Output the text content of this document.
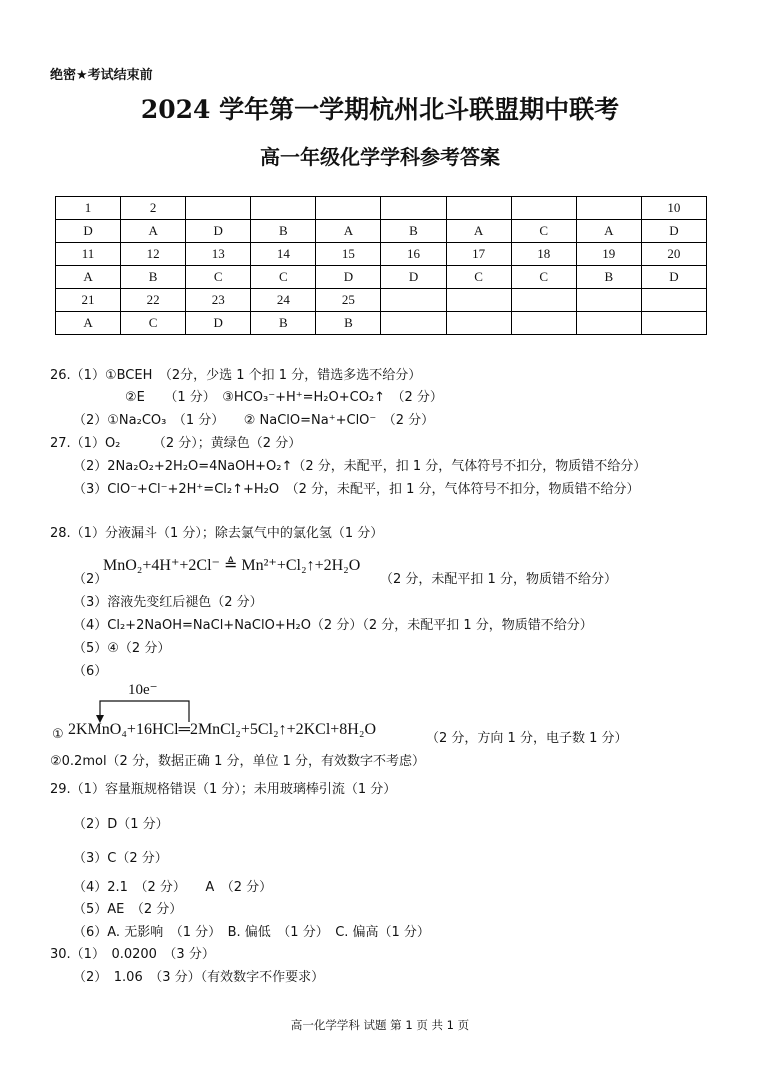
绝密★考试结束前
2024 学年第一学期杭州北斗联盟期中联考
高一年级化学学科参考答案
1	2								10
D	A	D	B	A	B	A	C	A	D
11	12	13	14	15	16	17	18	19	20
A	B	C	C	D	D	C	C	B	D
21	22	23	24	25					
A	C	D	B	B					
26.（1）①BCEH　（2分，少选 1 个扣 1 分，错选多选不给分）
②E　　（1 分）　③HCO₃⁻+H⁺=H₂O+CO₂↑　（2 分）
（2）①Na₂CO₃　（1 分）　　② NaClO=Na⁺+ClO⁻　（2 分）
27.（1）O₂　　　（2 分）；黄绿色（2 分）
（2）2Na₂O₂+2H₂O=4NaOH+O₂↑（2 分，未配平，扣 1 分，气体符号不扣分，物质错不给分）
（3）ClO⁻+Cl⁻+2H⁺=Cl₂↑+H₂O　（2 分，未配平，扣 1 分，气体符号不扣分，物质错不给分）
28.（1）分液漏斗（1 分）；除去氯气中的氯化氢（1 分）
（2）
MnO₂+4H⁺+2Cl⁻ ≜ Mn²⁺+Cl₂↑+2H₂O
（2 分，未配平扣 1 分，物质错不给分）
（3）溶液先变红后褪色（2 分）
（4）Cl₂+2NaOH=NaCl+NaClO+H₂O（2 分）（2 分，未配平扣 1 分，物质错不给分）
（5）④（2 分）
（6）
10e⁻
① 2KMnO₄+16HCl═2MnCl₂+5Cl₂↑+2KCl+8H₂O
（2 分，方向 1 分，电子数 1 分）
②0.2mol（2 分，数据正确 1 分，单位 1 分，有效数字不考虑）
29.（1）容量瓶规格错误（1 分）；未用玻璃棒引流（1 分）
（2）D（1 分）
（3）C（2 分）
（4）2.1　（2 分）　　A　（2 分）
（5）AE　（2 分）
（6）A. 无影响　（1 分）　B. 偏低　（1 分）　C. 偏高（1 分）
30.（1）　0.0200　（3 分）
（2）　1.06　（3 分）（有效数字不作要求）
高一化学学科 试题 第 1 页 共 1 页
